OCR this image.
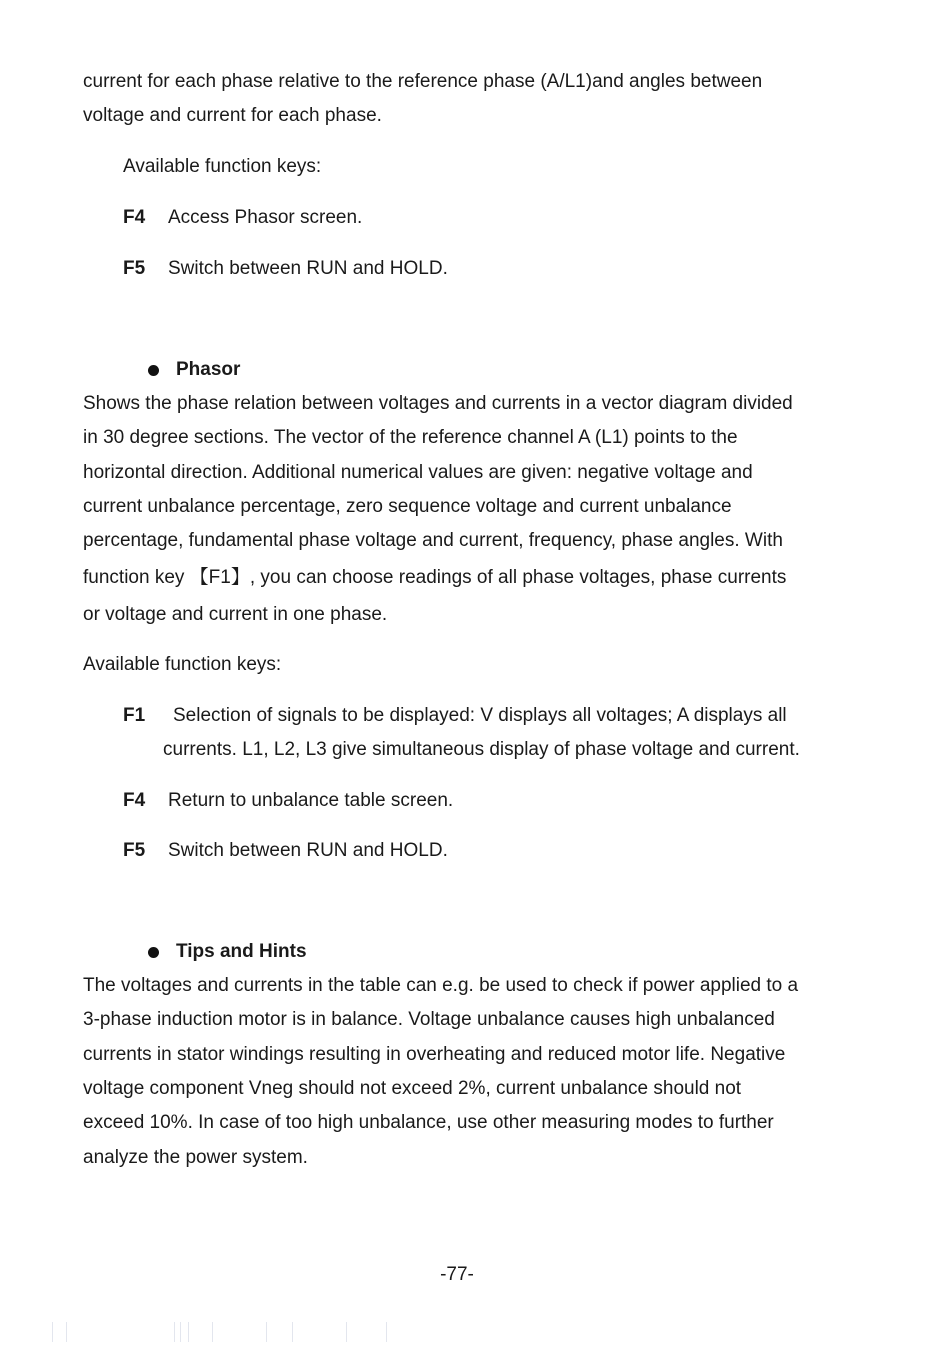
current for each phase relative to the reference phase (A/L1)and angles between

voltage and current for each phase.

Available function keys:

F4 Access Phasor screen.
F5 Switch between RUN and HOLD.
Phasor

Shows the phase relation between voltages and currents in a vector diagram divided

in 30 degree sections. The vector of the reference channel A (L1) points to the

horizontal direction. Additional numerical values are given: negative voltage and

current unbalance percentage, zero sequence voltage and current unbalance

percentage, fundamental phase voltage and current, frequency, phase angles. With

function key 【F1】, you can choose readings of all phase voltages, phase currents

or voltage and current in one phase.

Available function keys:

F1	Selection of signals to be displayed: V displays all voltages; A displays all

currents. L1, L2, L3 give simultaneous display of phase voltage and current.

F4 Return to unbalance table screen.
F5 Switch between RUN and HOLD.
Tips and Hints

The voltages and currents in the table can e.g. be used to check if power applied to a

3-phase induction motor is in balance. Voltage unbalance causes high unbalanced

currents in stator windings resulting in overheating and reduced motor life. Negative

voltage component Vneg should not exceed 2%, current unbalance should not

exceed 10%. In case of too high unbalance, use other measuring modes to further

analyze the power system.

-77-
